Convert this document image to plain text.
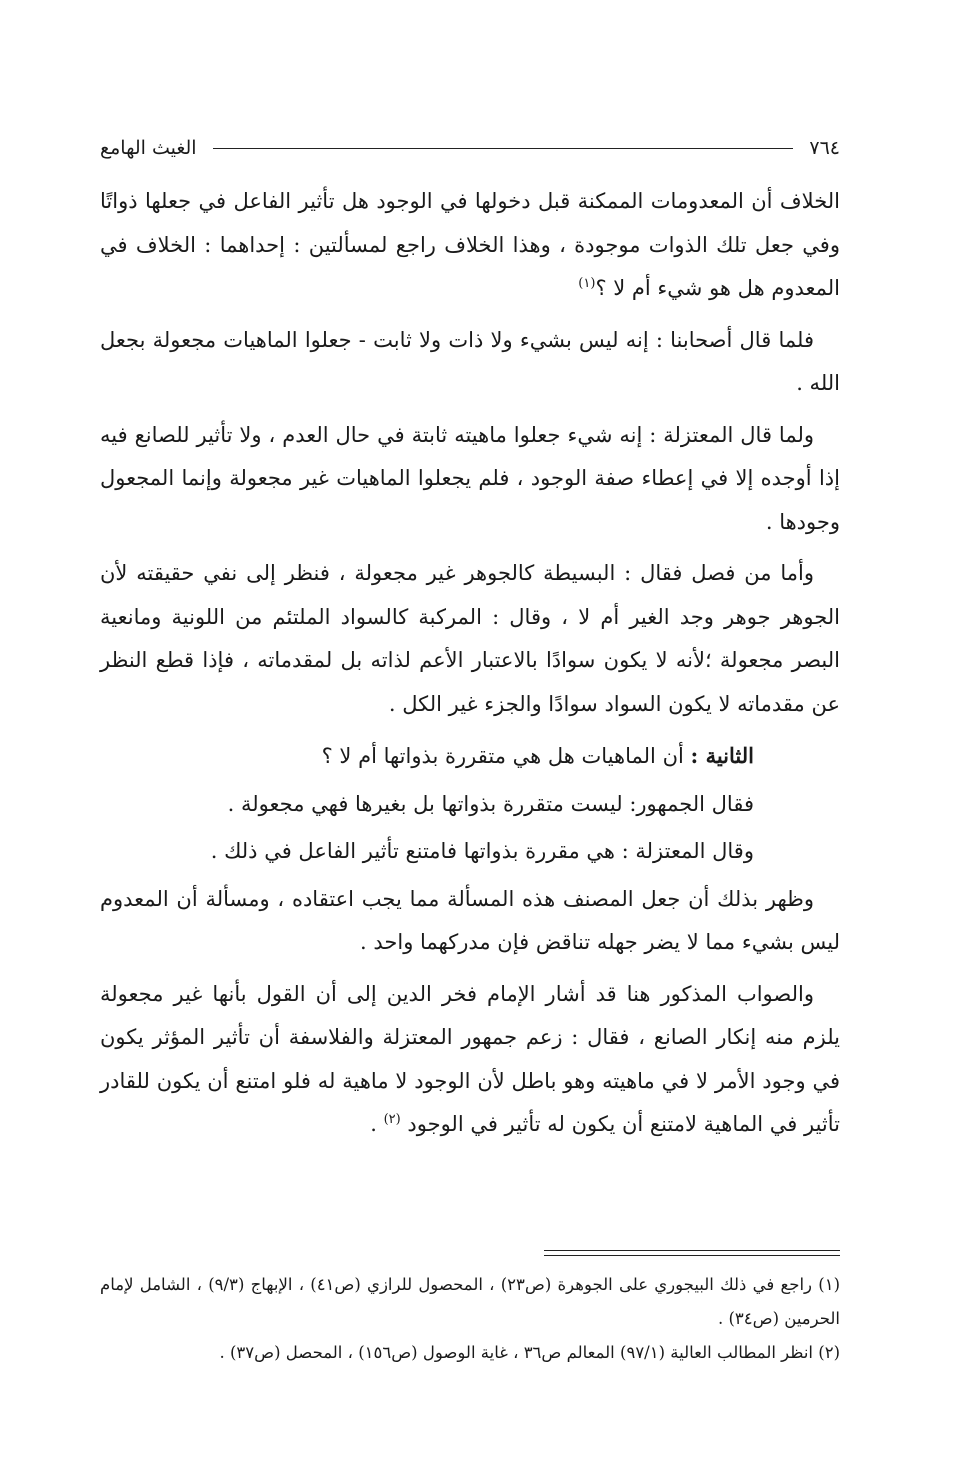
٧٦٤
الغيث الهامع

الخلاف أن المعدومات الممكنة قبل دخولها في الوجود هل تأثير الفاعل في جعلها ذواتًا وفي جعل تلك الذوات موجودة ، وهذا الخلاف راجع لمسألتين : إحداهما : الخلاف في المعدوم هل هو شيء أم لا ؟$^{(١)}$

فلما قال أصحابنا : إنه ليس بشيء ولا ذات ولا ثابت - جعلوا الماهيات مجعولة بجعل الله .

ولما قال المعتزلة : إنه شيء جعلوا ماهيته ثابتة في حال العدم ، ولا تأثير للصانع فيه إذا أوجده إلا في إعطاء صفة الوجود ، فلم يجعلوا الماهيات غير مجعولة وإنما المجعول وجودها .

وأما من فصل فقال : البسيطة كالجوهر غير مجعولة ، فنظر إلى نفي حقيقته لأن الجوهر جوهر وجد الغير أم لا ، وقال : المركبة كالسواد الملتئم من اللونية ومانعية البصر مجعولة ؛لأنه لا يكون سوادًا بالاعتبار الأعم لذاته بل لمقدماته ، فإذا قطع النظر عن مقدماته لا يكون السواد سوادًا والجزء غير الكل .

الثانية : أن الماهيات هل هي متقررة بذواتها أم لا ؟

فقال الجمهور: ليست متقررة بذواتها بل بغيرها فهي مجعولة .

وقال المعتزلة : هي مقررة بذواتها فامتنع تأثير الفاعل في ذلك .

وظهر بذلك أن جعل المصنف هذه المسألة مما يجب اعتقاده ، ومسألة أن المعدوم ليس بشيء مما لا يضر جهله تناقض فإن مدركهما واحد .

والصواب المذكور هنا قد أشار الإمام فخر الدين إلى أن القول بأنها غير مجعولة يلزم منه إنكار الصانع ، فقال : زعم جمهور المعتزلة والفلاسفة أن تأثير المؤثر يكون في وجود الأمر لا في ماهيته وهو باطل لأن الوجود لا ماهية له فلو امتنع أن يكون للقادر تأثير في الماهية لامتنع أن يكون له تأثير في الوجود $^{(٢)}$ .

(١) راجع في ذلك البيجوري على الجوهرة (ص٢٣) ، المحصول للرازي (ص٤١) ، الإبهاج (٩/٣) ، الشامل لإمام الحرمين (ص٣٤) .

(٢) انظر المطالب العالية (٩٧/١) المعالم ص٣٦ ، غاية الوصول (ص١٥٦) ، المحصل (ص٣٧) .
